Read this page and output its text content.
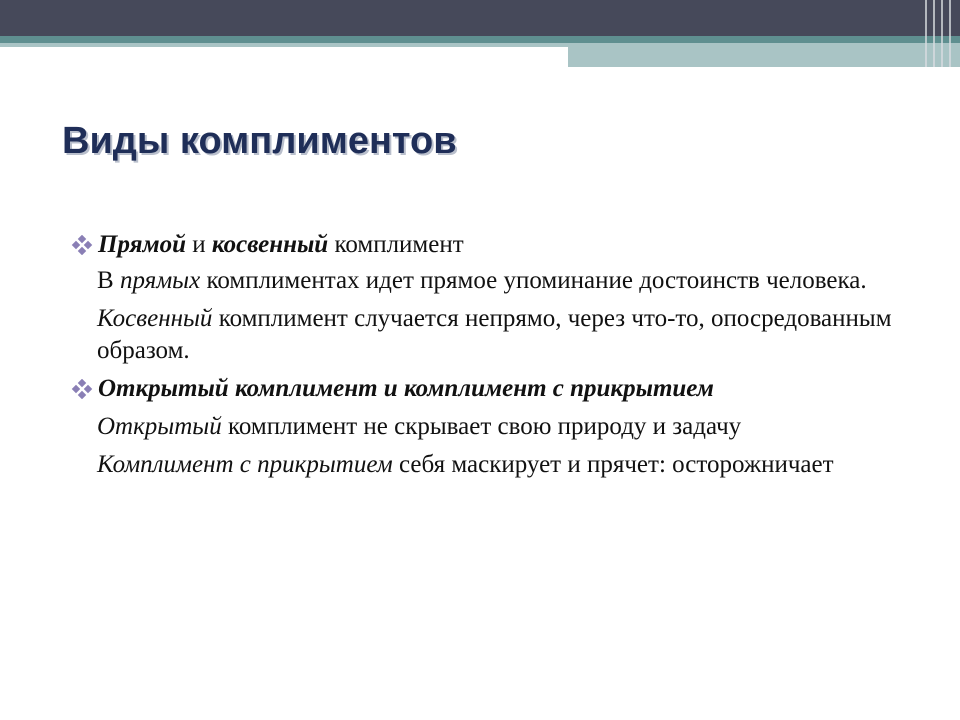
Виды комплиментов
Прямой и косвенный комплимент
В прямых комплиментах идет прямое упоминание достоинств человека.
Косвенный комплимент случается непрямо, через что-то, опосредованным образом.
Открытый комплимент и комплимент с прикрытием
Открытый комплимент не скрывает свою природу и задачу
Комплимент с прикрытием себя маскирует и прячет: осторожничает
